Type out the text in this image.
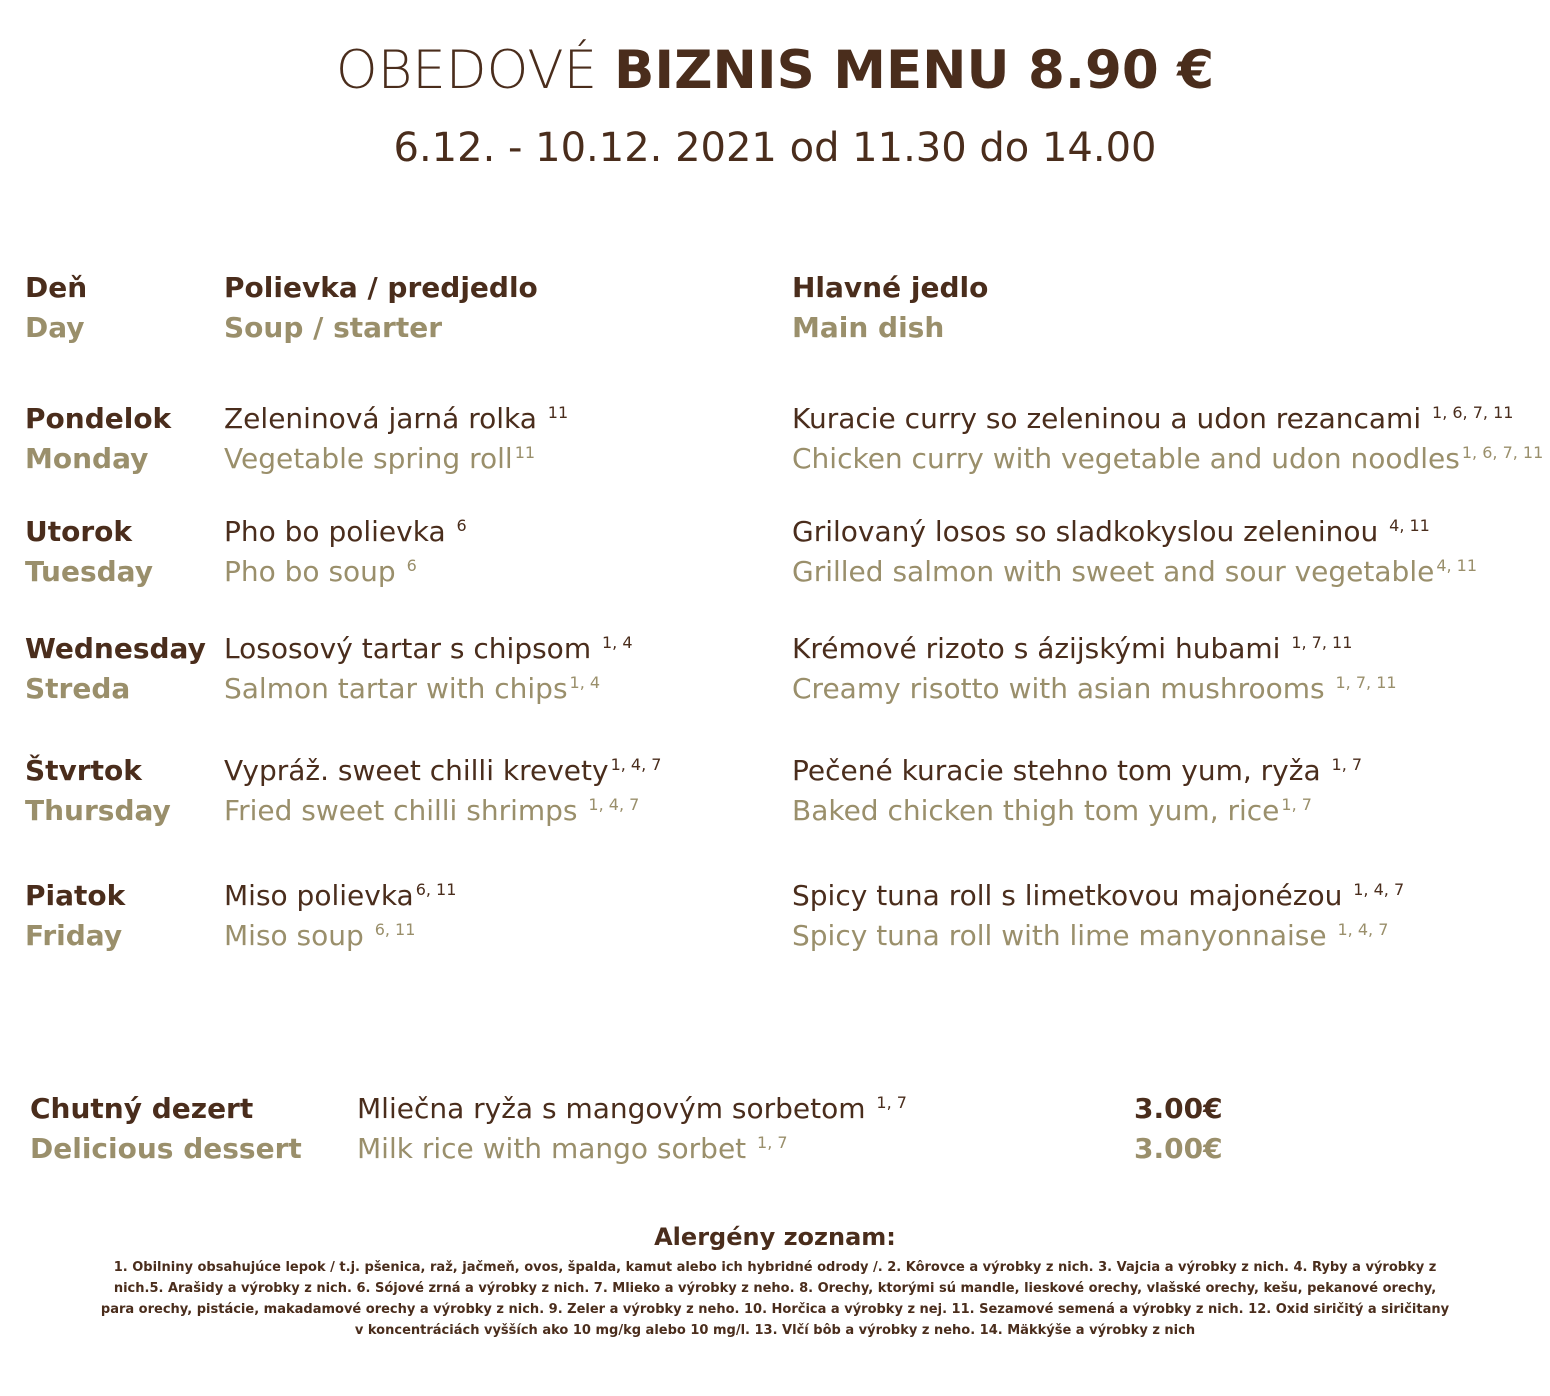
OBEDOVÉ BIZNIS MENU 8.90 €
6.12. - 10.12. 2021 od 11.30 do 14.00
Deň
Day
Polievka / predjedlo
Soup / starter
Hlavné jedlo
Main dish
Pondelok
Monday
Zeleninová jarná rolka $^{11}$
Vegetable spring roll $^{11}$
Kuracie curry so zeleninou a udon rezancami $^{1, 6, 7, 11}$
Chicken curry with vegetable and udon noodles $^{1, 6, 7, 11}$
Utorok
Tuesday
Pho bo polievka $^6$
Pho bo soup $^6$
Grilovaný losos so sladkokyslou zeleninou $^{4, 11}$
Grilled salmon with sweet and sour vegetable $^{4, 11}$
Wednesday
Streda
Lososový tartar s chipsom $^{1, 4}$
Salmon tartar with chips $^{1, 4}$
Krémové rizoto s ázijskými hubami $^{1, 7, 11}$
Creamy risotto with asian mushrooms $^{1, 7, 11}$
Štvrtok
Thursday
Vypráž. sweet chilli krevety $^{1, 4, 7}$
Fried sweet chilli shrimps $^{1, 4, 7}$
Pečené kuracie stehno tom yum, ryža $^{1, 7}$
Baked chicken thigh tom yum, rice $^{1, 7}$
Piatok
Friday
Miso polievka $^{6, 11}$
Miso soup $^{6, 11}$
Spicy tuna roll s limetkovou majonézou $^{1, 4, 7}$
Spicy tuna roll with lime manyonnaise $^{1, 4, 7}$
Chutný dezert
Delicious dessert
Mliečna ryža s mangovým sorbetom $^{1, 7}$
Milk rice with mango sorbet $^{1, 7}$
3.00€
3.00€
Alergény zoznam:
1. Obilniny obsahujúce lepok / t.j. pšenica, raž, jačmeň, ovos, špalda, kamut alebo ich hybridné odrody /. 2. Kôrovce a výrobky z nich. 3. Vajcia a výrobky z nich. 4. Ryby a výrobky z nich.5. Arašidy a výrobky z nich. 6. Sójové zrná a výrobky z nich. 7. Mlieko a výrobky z neho. 8. Orechy, ktorými sú mandle, lieskové orechy, vlašské orechy, kešu, pekanové orechy, para orechy, pistácie, makadamové orechy a výrobky z nich. 9. Zeler a výrobky z neho. 10. Horčica a výrobky z nej. 11. Sezamové semená a výrobky z nich. 12. Oxid siričitý a siričitany v koncentráciách vyšších ako 10 mg/kg alebo 10 mg/l. 13. Vlčí bôb a výrobky z neho. 14. Mäkkýše a výrobky z nich
